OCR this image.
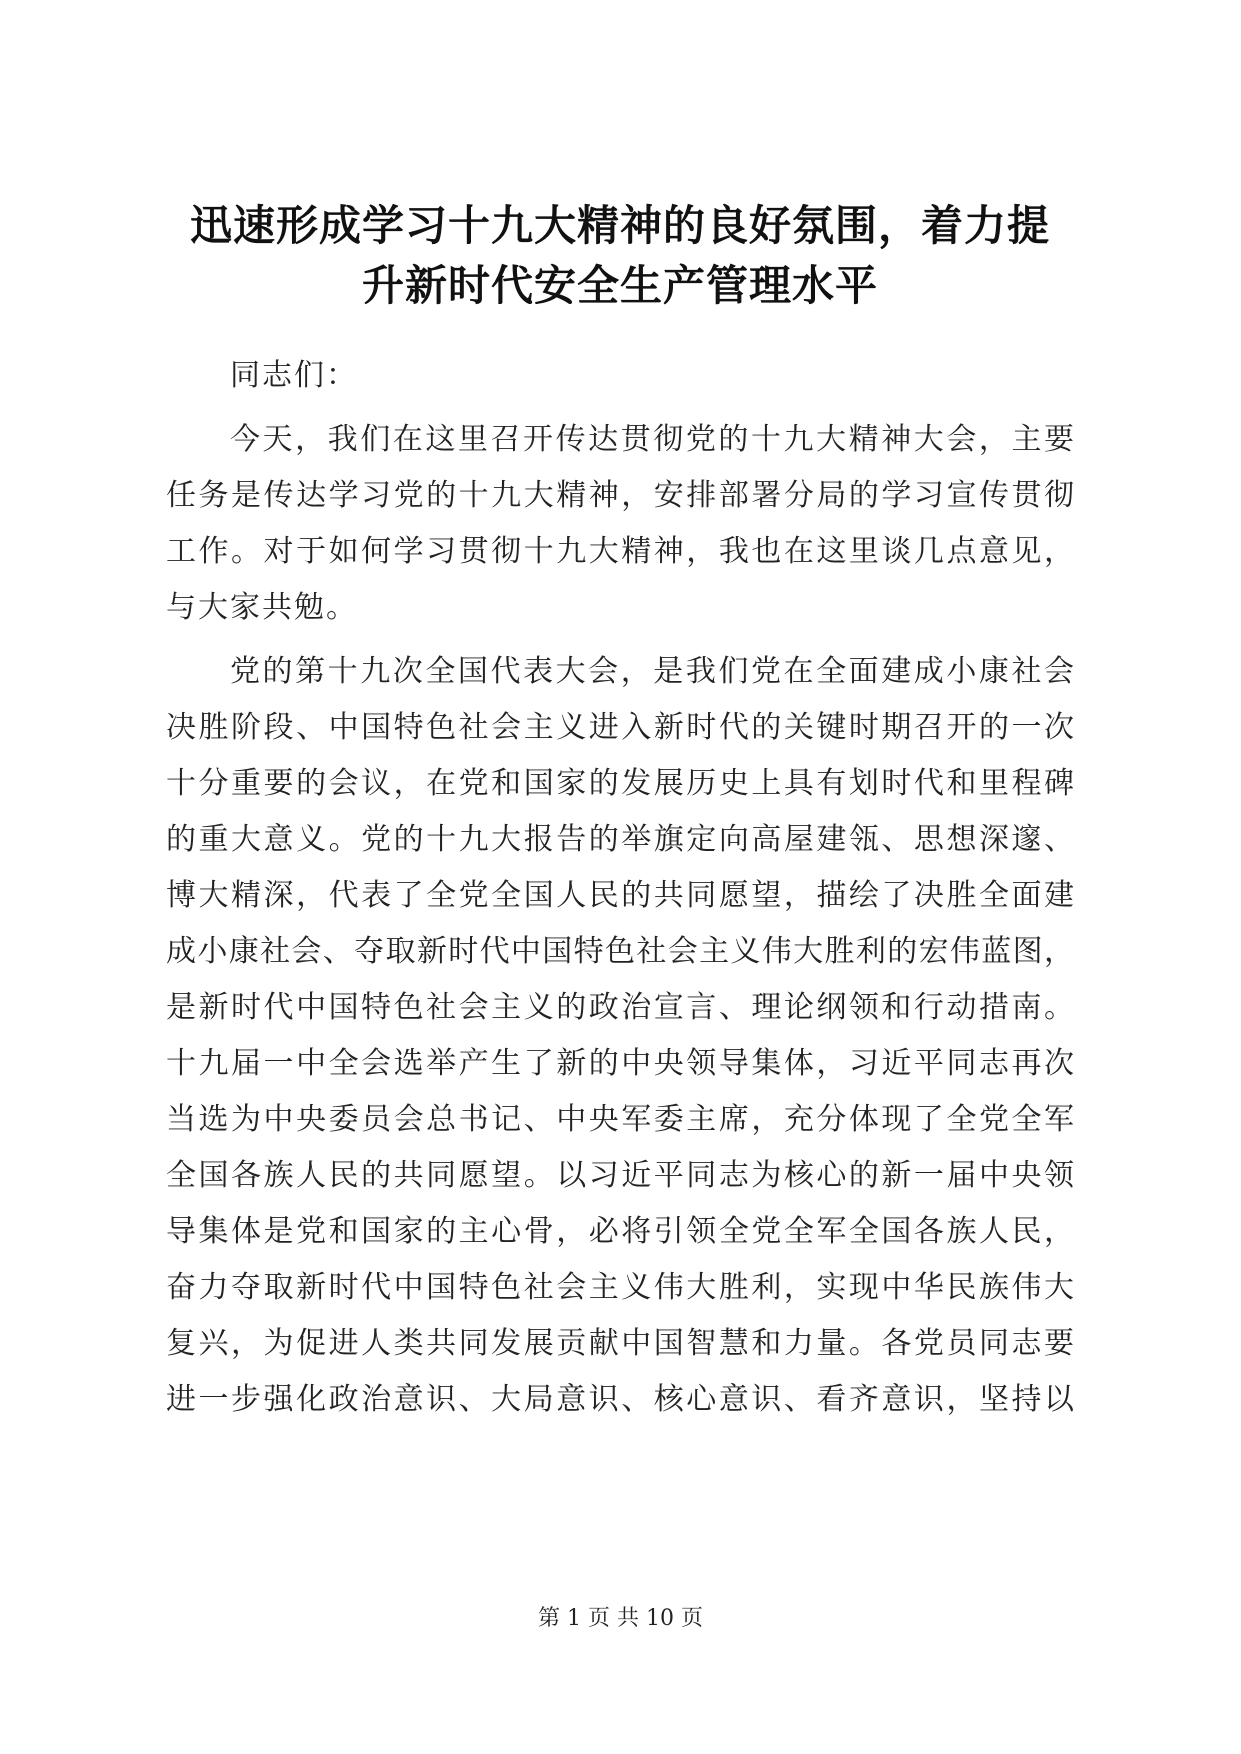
迅速形成学习十九大精神的良好氛围，着力提
升新时代安全生产管理水平
同志们：
今天，我们在这里召开传达贯彻党的十九大精神大会，主要
任务是传达学习党的十九大精神，安排部署分局的学习宣传贯彻
工作。对于如何学习贯彻十九大精神，我也在这里谈几点意见，
与大家共勉。
党的第十九次全国代表大会，是我们党在全面建成小康社会
决胜阶段、中国特色社会主义进入新时代的关键时期召开的一次
十分重要的会议，在党和国家的发展历史上具有划时代和里程碑
的重大意义。党的十九大报告的举旗定向高屋建瓴、思想深邃、
博大精深，代表了全党全国人民的共同愿望，描绘了决胜全面建
成小康社会、夺取新时代中国特色社会主义伟大胜利的宏伟蓝图，
是新时代中国特色社会主义的政治宣言、理论纲领和行动措南。
十九届一中全会选举产生了新的中央领导集体，习近平同志再次
当选为中央委员会总书记、中央军委主席，充分体现了全党全军
全国各族人民的共同愿望。以习近平同志为核心的新一届中央领
导集体是党和国家的主心骨，必将引领全党全军全国各族人民，
奋力夺取新时代中国特色社会主义伟大胜利，实现中华民族伟大
复兴，为促进人类共同发展贡献中国智慧和力量。各党员同志要
进一步强化政治意识、大局意识、核心意识、看齐意识，坚持以
第 1 页 共 10 页
